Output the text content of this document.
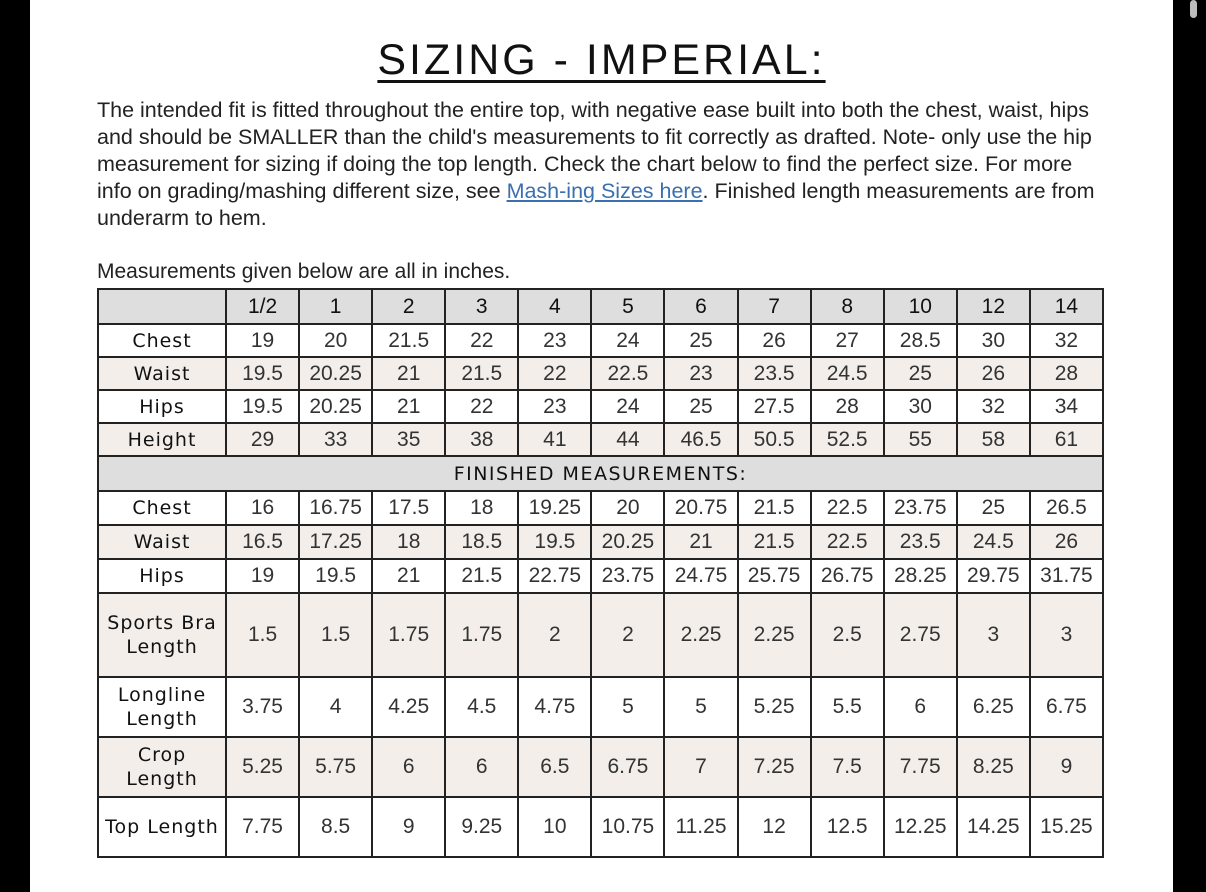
SIZING - IMPERIAL:

The intended fit is fitted throughout the entire top, with negative ease built into both the chest, waist, hips and should be SMALLER than the child's measurements to fit correctly as drafted. Note- only use the hip measurement for sizing if doing the top length. Check the chart below to find the perfect size. For more info on grading/mashing different size, see Mash-ing Sizes here. Finished length measurements are from underarm to hem.

Measurements given below are all in inches.

	1/2	1	2	3	4	5	6	7	8	10	12	14
Chest	19	20	21.5	22	23	24	25	26	27	28.5	30	32
Waist	19.5	20.25	21	21.5	22	22.5	23	23.5	24.5	25	26	28
Hips	19.5	20.25	21	22	23	24	25	27.5	28	30	32	34
Height	29	33	35	38	41	44	46.5	50.5	52.5	55	58	61
FINISHED MEASUREMENTS:												
Chest	16	16.75	17.5	18	19.25	20	20.75	21.5	22.5	23.75	25	26.5
Waist	16.5	17.25	18	18.5	19.5	20.25	21	21.5	22.5	23.5	24.5	26
Hips	19	19.5	21	21.5	22.75	23.75	24.75	25.75	26.75	28.25	29.75	31.75
Sports Bra Length	1.5	1.5	1.75	1.75	2	2	2.25	2.25	2.5	2.75	3	3
Longline Length	3.75	4	4.25	4.5	4.75	5	5	5.25	5.5	6	6.25	6.75
Crop Length	5.25	5.75	6	6	6.5	6.75	7	7.25	7.5	7.75	8.25	9
Top Length	7.75	8.5	9	9.25	10	10.75	11.25	12	12.5	12.25	14.25	15.25
